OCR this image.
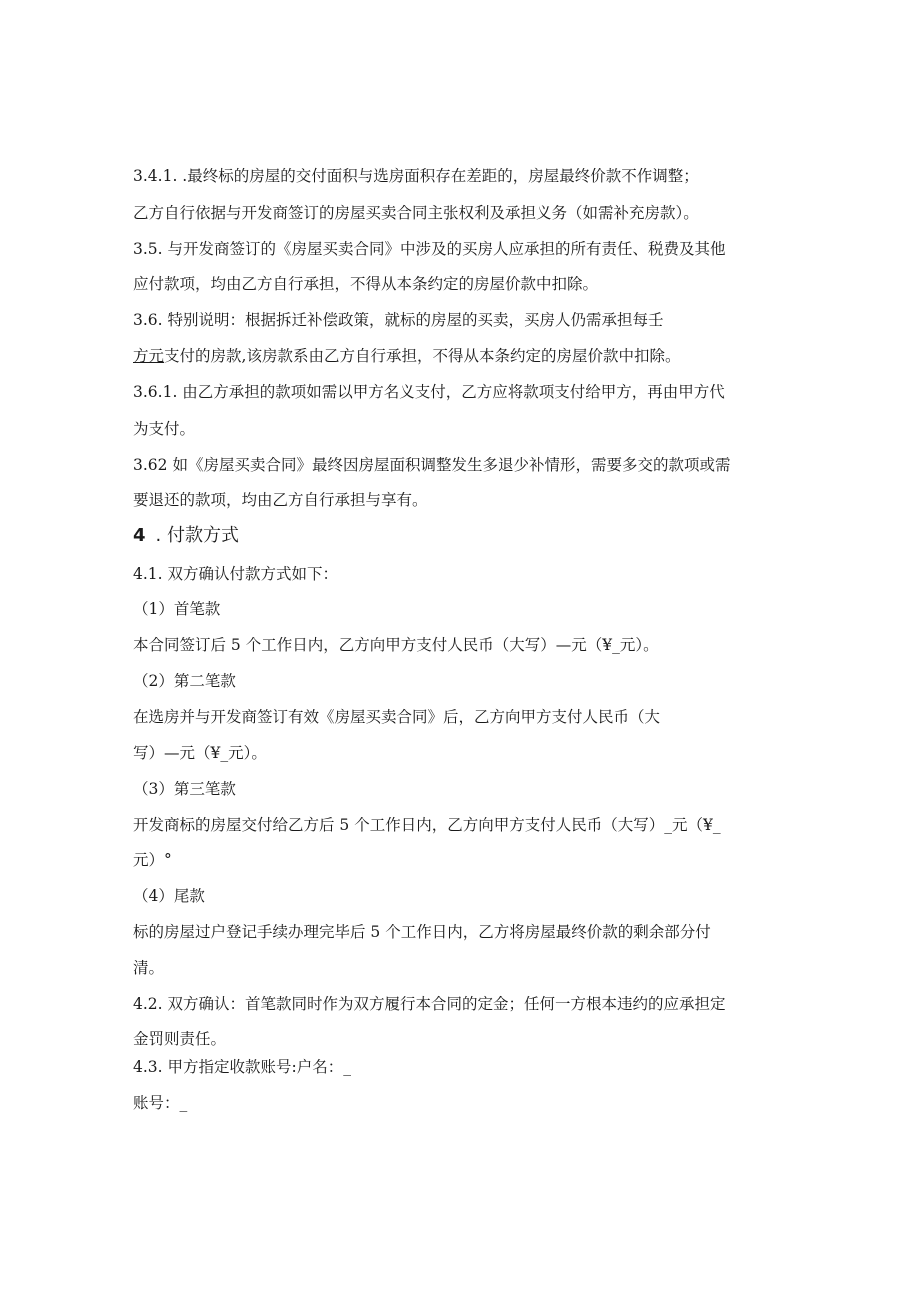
3.4.1. .最终标的房屋的交付面积与选房面积存在差距的，房屋最终价款不作调整；
乙方自行依据与开发商签订的房屋买卖合同主张权利及承担义务（如需补充房款）。
3.5. 与开发商签订的《房屋买卖合同》中涉及的买房人应承担的所有责任、税费及其他
应付款项，均由乙方自行承担，不得从本条约定的房屋价款中扣除。
3.6. 特别说明：根据拆迁补偿政策，就标的房屋的买卖，买房人仍需承担每壬
方元支付的房款,该房款系由乙方自行承担，不得从本条约定的房屋价款中扣除。
3.6.1. 由乙方承担的款项如需以甲方名义支付，乙方应将款项支付给甲方，再由甲方代
为支付。
3.62 如《房屋买卖合同》最终因房屋面积调整发生多退少补情形，需要多交的款项或需
要退还的款项，均由乙方自行承担与享有。
4 . 付款方式
4.1. 双方确认付款方式如下：
（1）首笔款
本合同签订后 5 个工作日内，乙方向甲方支付人民币（大写）—元（¥_元）。
（2）第二笔款
在选房并与开发商签订有效《房屋买卖合同》后，乙方向甲方支付人民币（大
写）—元（¥_元）。
（3）第三笔款
开发商标的房屋交付给乙方后 5 个工作日内，乙方向甲方支付人民币（大写）_元（¥_
元）°
（4）尾款
标的房屋过户登记手续办理完毕后 5 个工作日内，乙方将房屋最终价款的剩余部分付
清。
4.2. 双方确认：首笔款同时作为双方履行本合同的定金；任何一方根本违约的应承担定
金罚则责任。
4.3. 甲方指定收款账号:户名：_
账号：_
